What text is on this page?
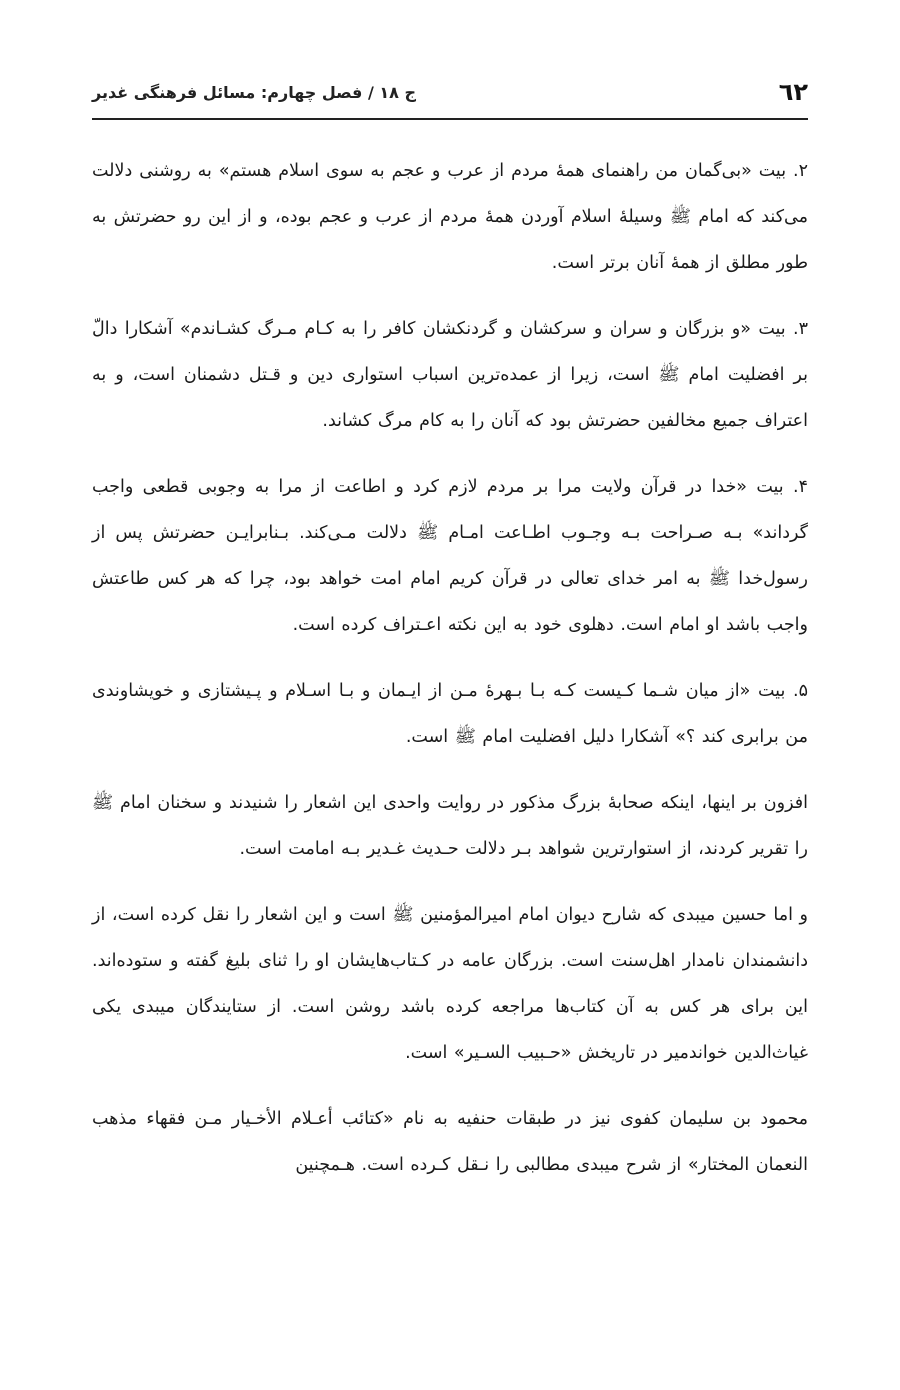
٦٢
ج ۱۸ / فصل چهارم: مسائل فرهنگی غدیر

۲. بیت «بی‌گمان من راهنمای همهٔ مردم از عرب و عجم به سوی اسلام هستم» به روشنی دلالت می‌کند که امام ﷺ وسیلهٔ اسلام آوردن همهٔ مردم از عرب و عجم بوده، و از این رو حضرتش به طور مطلق از همهٔ آنان برتر است.

۳. بیت «و بزرگان و سران و سرکشان و گردنکشان کافر را به کـام مـرگ کشـاندم» آشکارا دالّ بر افضلیت امام ﷺ است، زیرا از عمده‌ترین اسباب استواری دین و قـتل دشمنان است، و به اعتراف جمیع مخالفین حضرتش بود که آنان را به کام مرگ کشاند.

۴. بیت «خدا در قرآن ولایت مرا بر مردم لازم کرد و اطاعت از مرا به وجوبی قطعی واجب گرداند» بـه صـراحت بـه وجـوب اطـاعت امـام ﷺ دلالت مـی‌کند. بـنابرایـن حضرتش پس از رسول‌خدا ﷺ به امر خدای تعالی در قرآن کریم امام امت خواهد بود، چرا که هر کس طاعتش واجب باشد او امام است. دهلوی خود به این نکته اعـتراف کرده است.

۵. بیت «از میان شـما کـیست کـه بـا بـهرهٔ مـن از ایـمان و بـا اسـلام و پـیشتازی و خویشاوندی من برابری کند ؟» آشکارا دلیل افضلیت امام ﷺ است.

افزون بر اینها، اینکه صحابهٔ بزرگ مذکور در روایت واحدی این اشعار را شنیدند و سخنان امام ﷺ را تقریر کردند، از استوارترین شواهد بـر دلالت حـدیث غـدیر بـه امامت است.

و اما حسین میبدی که شارح دیوان امام امیرالمؤمنین ﷺ است و این اشعار را نقل کرده است، از دانشمندان نامدار اهل‌سنت است. بزرگان عامه در کـتاب‌هایشان او را ثنای بلیغ گفته و ستوده‌اند. این برای هر کس به آن کتاب‌ها مراجعه کرده باشد روشن است. از ستایندگان میبدی یکی غیاث‌الدین خواندمیر در تاریخش «حـبیب السـیر» است.

محمود بن سلیمان کفوی نیز در طبقات حنفیه به نام «کتائب أعـلام الأخـيار مـن فقهاء مذهب النعمان المختار» از شرح میبدی مطالبی را نـقل کـرده است. هـمچنین
